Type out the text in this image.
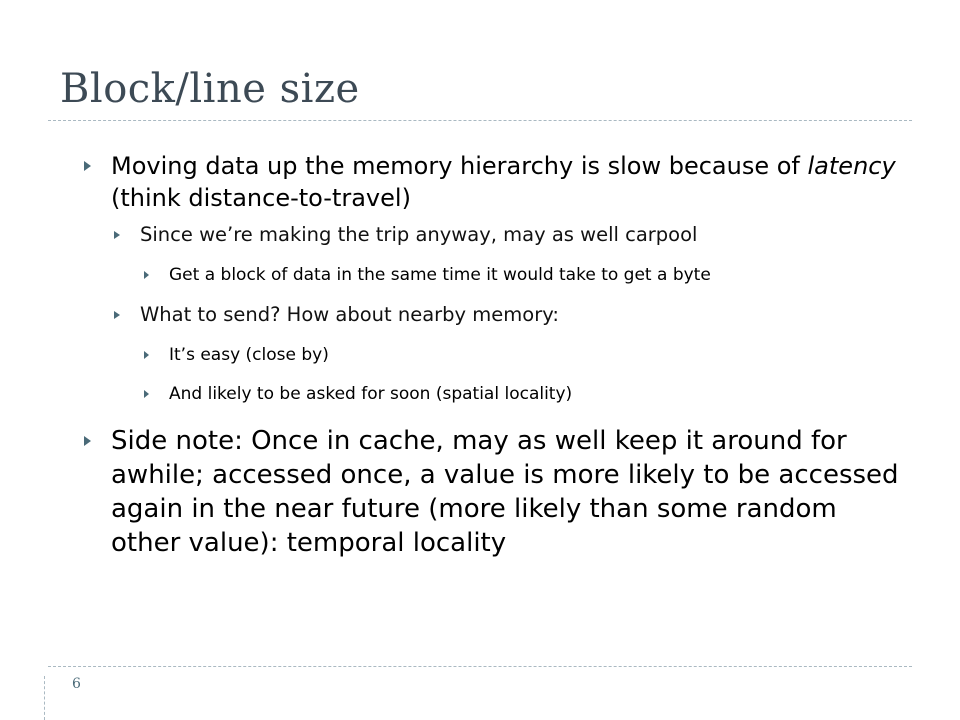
Block/line size
Moving data up the memory hierarchy is slow because of latency (think distance-to-travel)
Since we’re making the trip anyway, may as well carpool
Get a block of data in the same time it would take to get a byte
What to send? How about nearby memory:
It’s easy (close by)
And likely to be asked for soon (spatial locality)
Side note: Once in cache, may as well keep it around for awhile; accessed once, a value is more likely to be accessed again in the near future (more likely than some random other value): temporal locality
6
